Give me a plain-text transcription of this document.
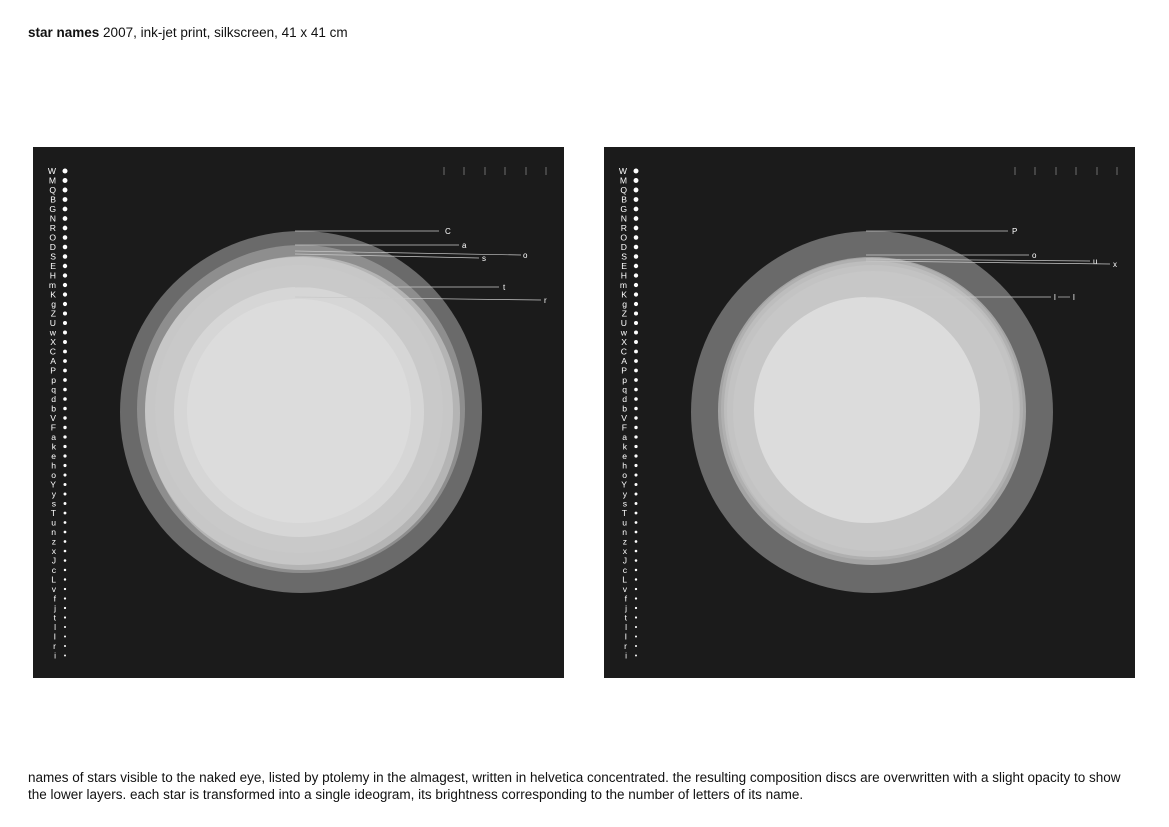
star names 2007, ink-jet print, silkscreen, 41 x 41 cm
W
M
Q
B
G
N
R
O
D
S
E
H
m
K
g
Z
U
w
X
C
A
P
p
q
d
b
V
F
a
k
e
h
o
Y
y
s
T
u
n
z
x
J
c
L
v
f
j
t
l
I
r
i
C
a
o
s
t
r
W
M
Q
B
G
N
R
O
D
S
E
H
m
K
g
Z
U
w
X
C
A
P
p
q
d
b
V
F
a
k
e
h
o
Y
y
s
T
u
n
z
x
J
c
L
v
f
j
t
l
I
r
i
P
o
u x
l l
names of stars visible to the naked eye, listed by ptolemy in the almagest, written in helvetica concentrated. the resulting composition discs are overwritten with a slight opacity to show the lower layers. each star is transformed into a single ideogram, its brightness corresponding to the number of letters of its name.
